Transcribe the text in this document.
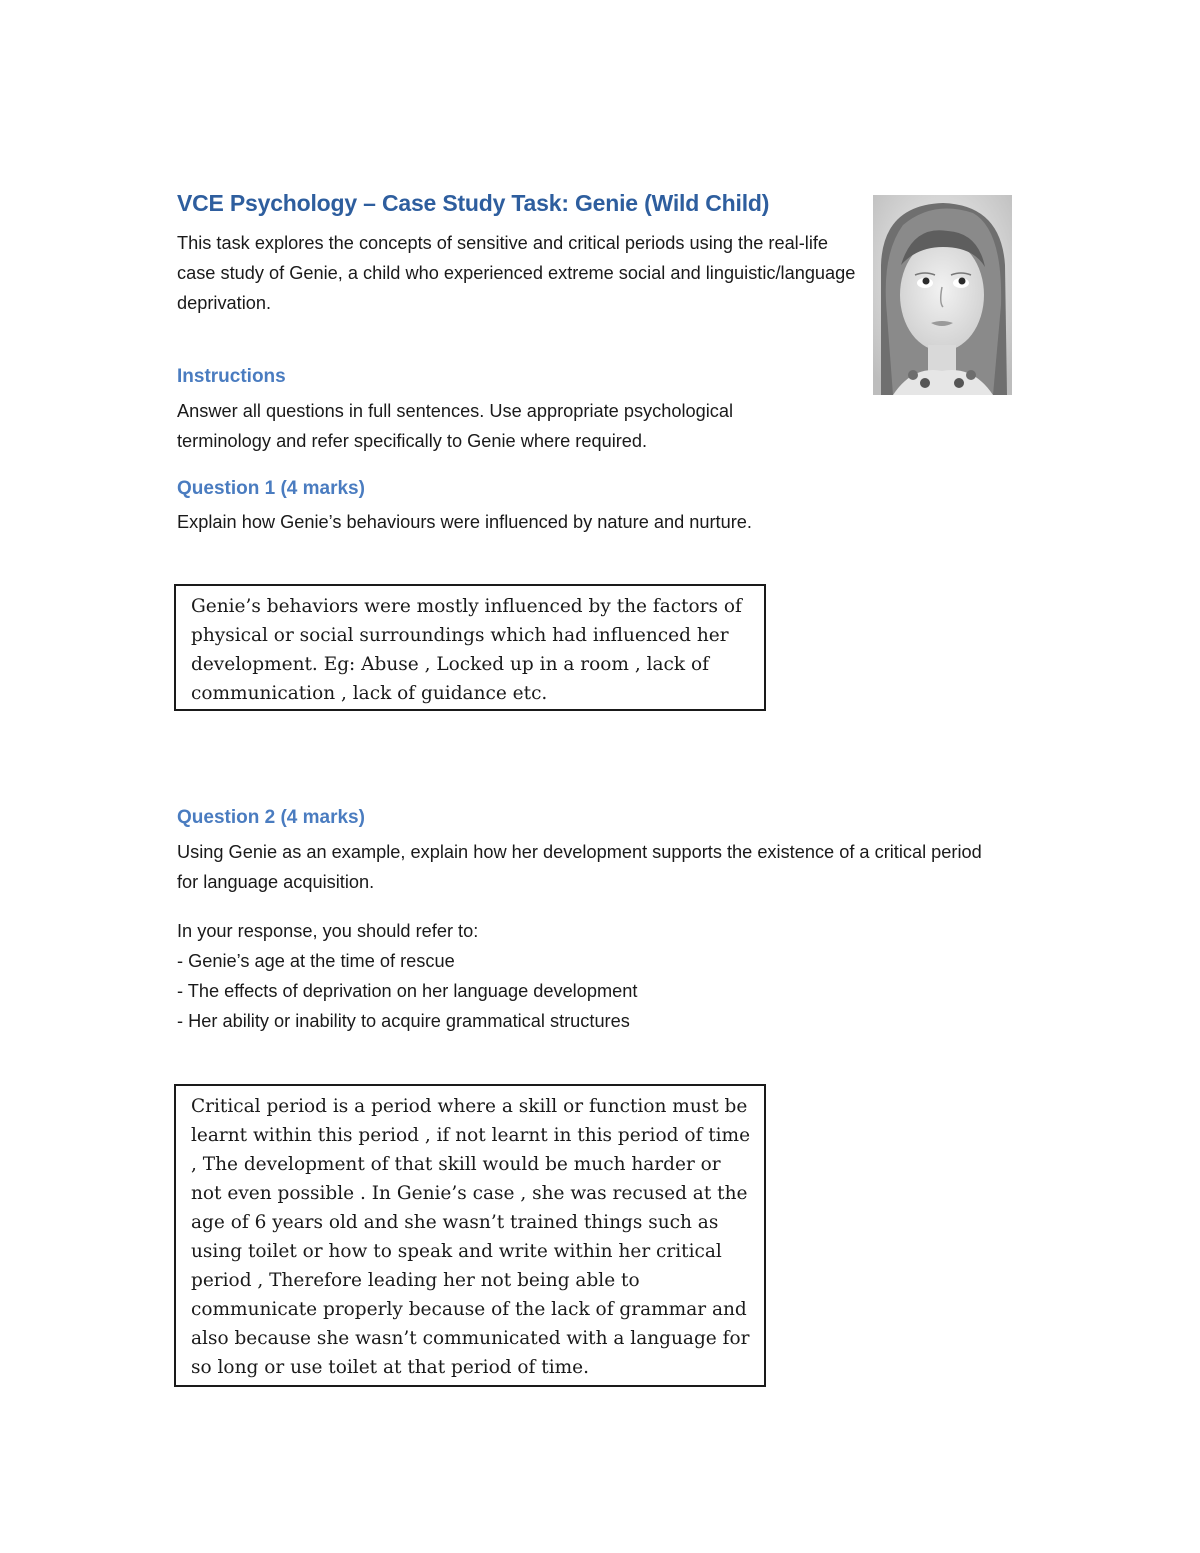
VCE Psychology – Case Study Task: Genie (Wild Child)
This task explores the concepts of sensitive and critical periods using the real-life case study of Genie, a child who experienced extreme social and linguistic/language deprivation.
Instructions
Answer all questions in full sentences. Use appropriate psychological terminology and refer specifically to Genie where required.
Question 1 (4 marks)
Explain how Genie’s behaviours were influenced by nature and nurture.
Genie’s behaviors were mostly influenced by the factors of physical or social surroundings which had influenced her development. Eg: Abuse , Locked up in a room , lack of communication , lack of guidance etc.
Question 2 (4 marks)
Using Genie as an example, explain how her development supports the existence of a critical period for language acquisition.
In your response, you should refer to:
- Genie’s age at the time of rescue
- The effects of deprivation on her language development
- Her ability or inability to acquire grammatical structures
Critical period is a period where a skill or function must be learnt within this period , if not learnt in this period of time , The development of that skill would be much harder or not even possible . In Genie’s case , she was recused at the age of 6 years old and she wasn’t trained things such as using toilet or how to speak and write within her critical period , Therefore leading her not being able to communicate properly because of the lack of grammar and also because she wasn’t communicated with a language for so long or use toilet at that period of time.
